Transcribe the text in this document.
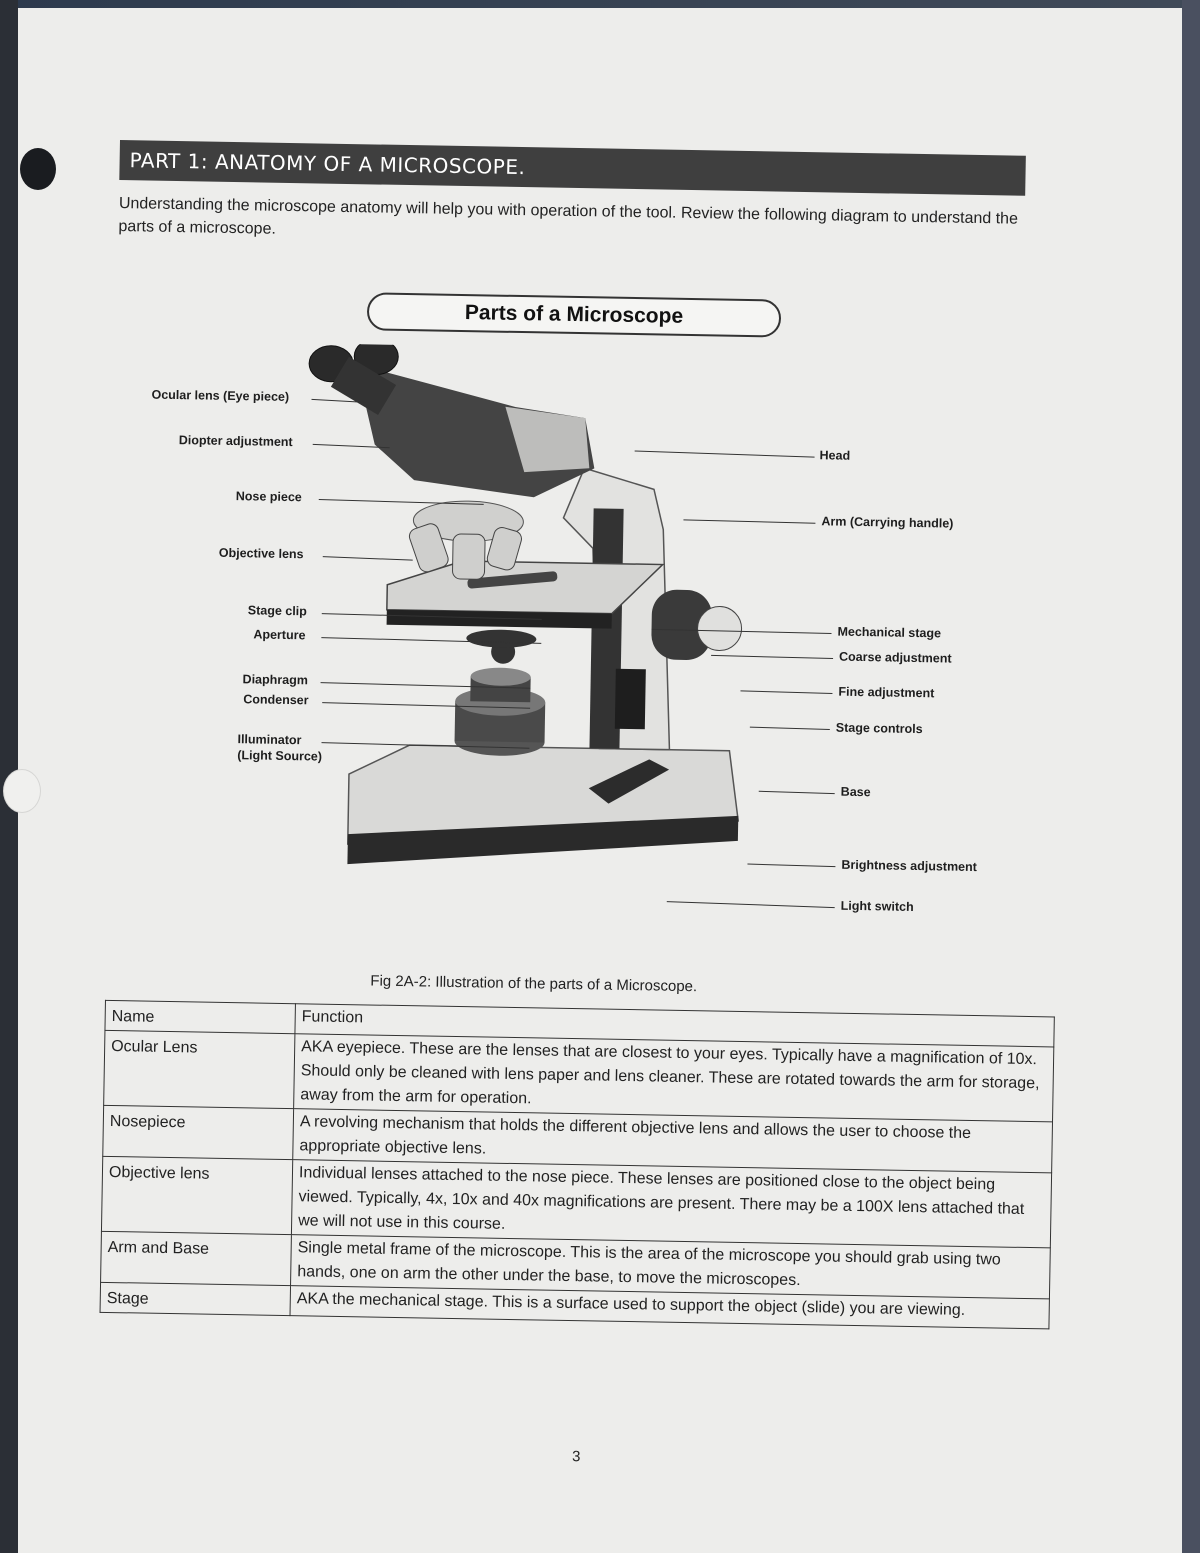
PART 1: ANATOMY OF A MICROSCOPE.
Understanding the microscope anatomy will help you with operation of the tool. Review the following diagram to understand the parts of a microscope.
Parts of a Microscope
Ocular lens (Eye piece)
Diopter adjustment
Nose piece
Objective lens
Stage clip
Aperture
Diaphragm
Condenser
Illuminator
(Light Source)
Head
Arm (Carrying handle)
Mechanical stage
Coarse adjustment
Fine adjustment
Stage controls
Base
Brightness adjustment
Light switch
Fig 2A-2: Illustration of the parts of a Microscope.
Name	Function
Ocular Lens	AKA eyepiece. These are the lenses that are closest to your eyes. Typically have a magnification of 10x. Should only be cleaned with lens paper and lens cleaner. These are rotated towards the arm for storage, away from the arm for operation.
Nosepiece	A revolving mechanism that holds the different objective lens and allows the user to choose the appropriate objective lens.
Objective lens	Individual lenses attached to the nose piece. These lenses are positioned close to the object being viewed. Typically, 4x, 10x and 40x magnifications are present. There may be a 100X lens attached that we will not use in this course.
Arm and Base	Single metal frame of the microscope. This is the area of the microscope you should grab using two hands, one on arm the other under the base, to move the microscopes.
Stage	AKA the mechanical stage. This is a surface used to support the object (slide) you are viewing.
3
